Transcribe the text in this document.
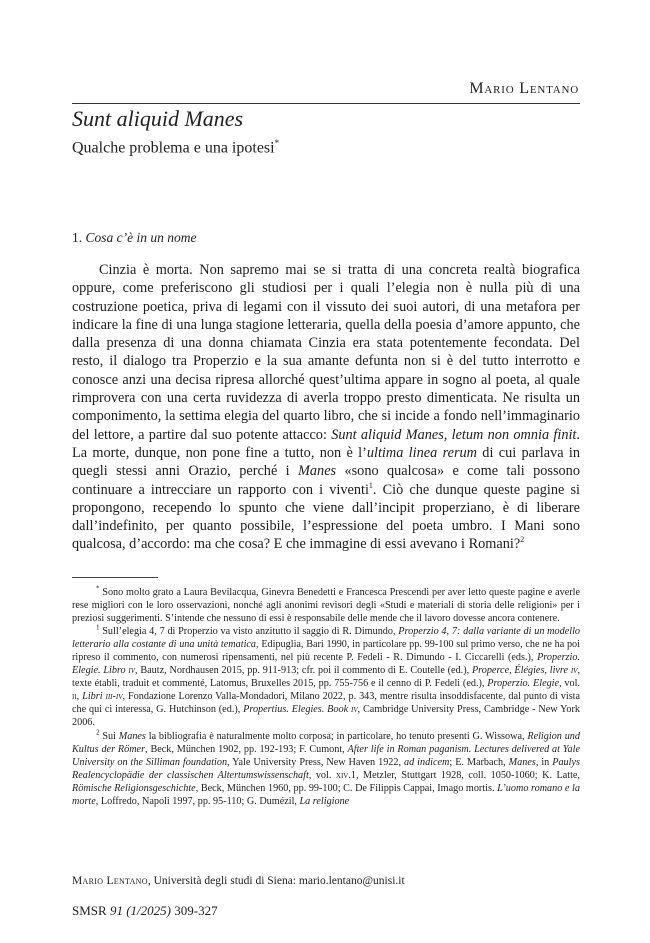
Mario Lentano
Sunt aliquid Manes
Qualche problema e una ipotesi*
1. Cosa c’è in un nome

Cinzia è morta. Non sapremo mai se si tratta di una concreta realtà biografica oppure, come preferiscono gli studiosi per i quali l’elegia non è nulla più di una costruzione poetica, priva di legami con il vissuto dei suoi autori, di una metafora per indicare la fine di una lunga stagione letteraria, quella della poesia d’amore appunto, che dalla presenza di una donna chiamata Cinzia era stata potentemente fecondata. Del resto, il dialogo tra Properzio e la sua amante defunta non si è del tutto interrotto e conosce anzi una decisa ripresa allorché quest’ultima appare in sogno al poeta, al quale rimprovera con una certa ruvidezza di averla troppo presto dimenticata. Ne risulta un componimento, la settima elegia del quarto libro, che si incide a fondo nell’immaginario del lettore, a partire dal suo potente attacco: Sunt aliquid Manes, letum non omnia finit. La morte, dunque, non pone fine a tutto, non è l’ultima linea rerum di cui parlava in quegli stessi anni Orazio, perché i Manes «sono qualcosa» e come tali possono continuare a intrecciare un rapporto con i viventi$^1$. Ciò che dunque queste pagine si propongono, recependo lo spunto che viene dall’incipit properziano, è di liberare dall’indefinito, per quanto possibile, l’espressione del poeta umbro. I Mani sono qualcosa, d’accordo: ma che cosa? E che immagine di essi avevano i Romani?$^2$

* Sono molto grato a Laura Bevilacqua, Ginevra Benedetti e Francesca Prescendi per aver letto queste pagine e averle rese migliori con le loro osservazioni, nonché agli anonimi revisori degli «Studi e materiali di storia delle religioni» per i preziosi suggerimenti. S’intende che nessuno di essi è responsabile delle mende che il lavoro dovesse ancora contenere.

$^1$ Sull’elegia 4, 7 di Properzio va visto anzitutto il saggio di R. Dimundo, Properzio 4, 7: dalla variante di un modello letterario alla costante di una unità tematica, Edipuglia, Bari 1990, in particolare pp. 99-100 sul primo verso, che ne ha poi ripreso il commento, con numerosi ripensamenti, nel più recente P. Fedeli - R. Dimundo - I. Ciccarelli (eds.), Properzio. Elegie. Libro iv, Bautz, Nordhausen 2015, pp. 911-913; cfr. poi il commento di E. Coutelle (ed.), Properce, Élégies, livre iv, texte établi, traduit et commenté, Latomus, Bruxelles 2015, pp. 755-756 e il cenno di P. Fedeli (ed.), Properzio. Elegie, vol. ii, Libri iii-iv, Fondazione Lorenzo Valla-Mondadori, Milano 2022, p. 343, mentre risulta insoddisfacente, dal punto di vista che qui ci interessa, G. Hutchinson (ed.), Propertius. Elegies. Book iv, Cambridge University Press, Cambridge - New York 2006.

$^2$ Sui Manes la bibliografia è naturalmente molto corposa; in particolare, ho tenuto presenti G. Wissowa, Religion und Kultus der Römer, Beck, München 1902, pp. 192-193; F. Cumont, After life in Roman paganism. Lectures delivered at Yale University on the Silliman foundation, Yale University Press, New Haven 1922, ad indicem; E. Marbach, Manes, in Paulys Realencyclopädie der classischen Altertumswissenschaft, vol. xiv.1, Metzler, Stuttgart 1928, coll. 1050-1060; K. Latte, Römische Religionsgeschichte, Beck, München 1960, pp. 99-100; C. De Filippis Cappai, Imago mortis. L’uomo romano e la morte, Loffredo, Napoli 1997, pp. 95-110; G. Dumézil, La religione

Mario Lentano, Università degli studi di Siena: mario.lentano@unisi.it
SMSR 91 (1/2025) 309-327
